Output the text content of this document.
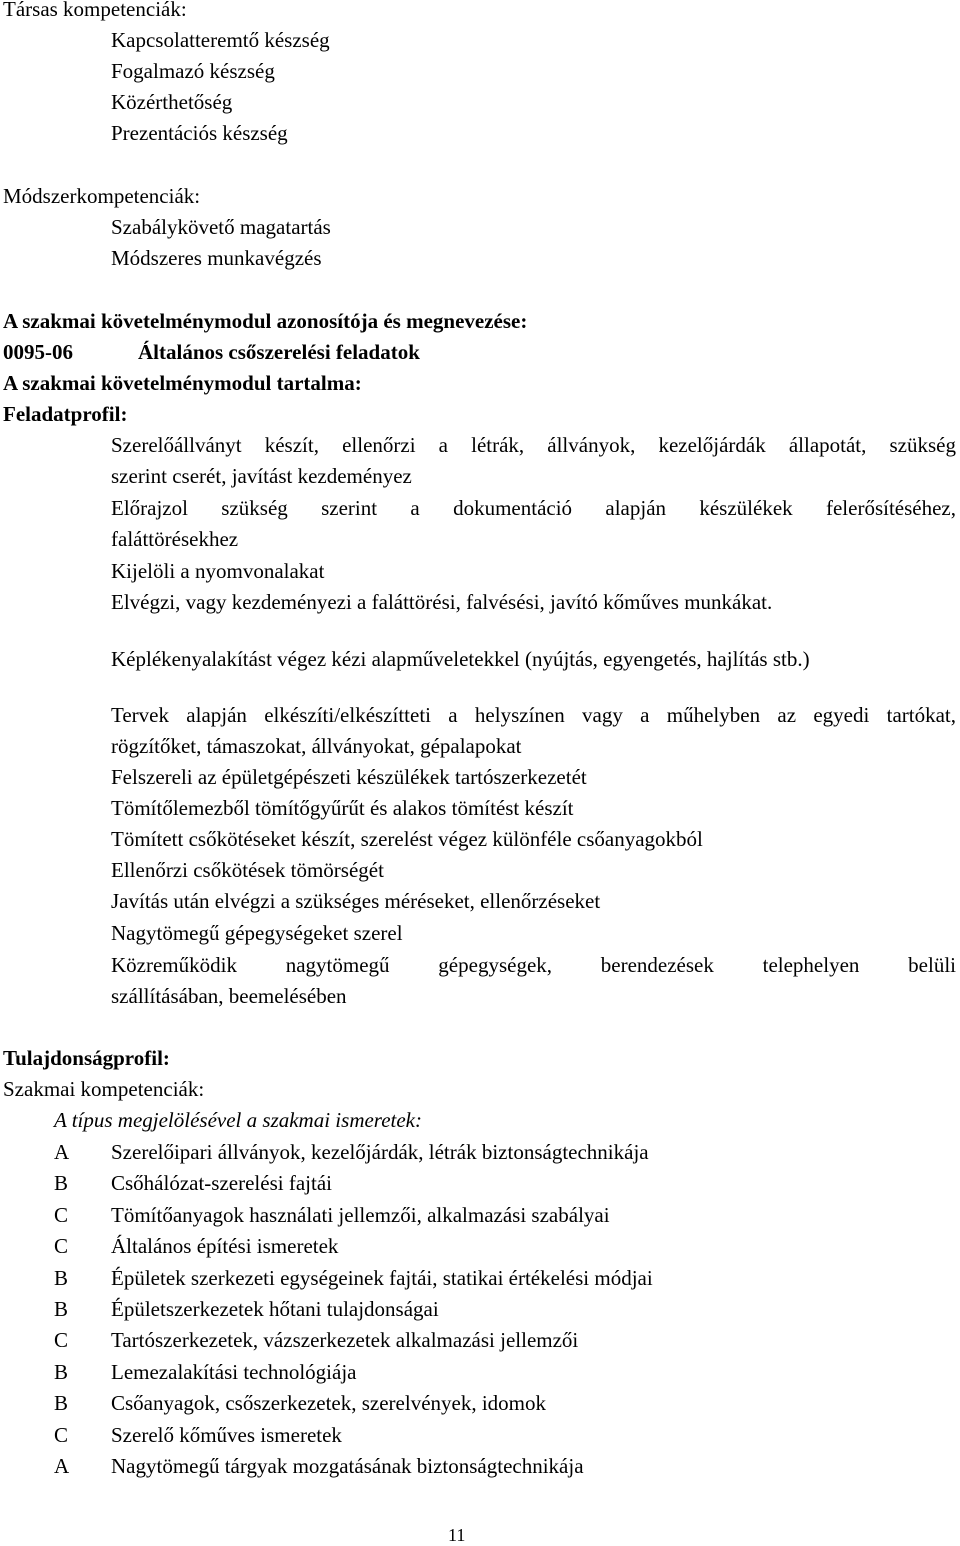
Társas kompetenciák:
Kapcsolatteremtő készség
Fogalmazó készség
Közérthetőség
Prezentációs készség
Módszerkompetenciák:
Szabálykövető magatartás
Módszeres munkavégzés
A szakmai követelménymodul azonosítója és megnevezése:
0095-06	Általános csőszerelési feladatok
A szakmai követelménymodul tartalma:
Feladatprofil:
Szerelőállványt készít, ellenőrzi a létrák, állványok, kezelőjárdák állapotát, szükség
szerint cserét, javítást kezdeményez
Előrajzol szükség szerint a dokumentáció alapján készülékek felerősítéséhez,
faláttörésekhez
Kijelöli a nyomvonalakat
Elvégzi, vagy kezdeményezi a faláttörési, falvésési, javító kőműves munkákat.
Képlékenyalakítást végez kézi alapműveletekkel (nyújtás, egyengetés, hajlítás stb.)
Tervek alapján elkészíti/elkészítteti a helyszínen vagy a műhelyben az egyedi tartókat,
rögzítőket, támaszokat, állványokat, gépalapokat
Felszereli az épületgépészeti készülékek tartószerkezetét
Tömítőlemezből tömítőgyűrűt és alakos tömítést készít
Tömített csőkötéseket készít, szerelést végez különféle csőanyagokból
Ellenőrzi csőkötések tömörségét
Javítás után elvégzi a szükséges méréseket, ellenőrzéseket
Nagytömegű gépegységeket szerel
Közreműködik nagytömegű gépegységek, berendezések telephelyen belüli
szállításában, beemelésében
Tulajdonságprofil:
Szakmai kompetenciák:
A típus megjelölésével a szakmai ismeretek:
A	Szerelőipari állványok, kezelőjárdák, létrák biztonságtechnikája
B	Csőhálózat-szerelési fajtái
C	Tömítőanyagok használati jellemzői, alkalmazási szabályai
C	Általános építési ismeretek
B	Épületek szerkezeti egységeinek fajtái, statikai értékelési módjai
B	Épületszerkezetek hőtani tulajdonságai
C	Tartószerkezetek, vázszerkezetek alkalmazási jellemzői
B	Lemezalakítási technológiája
B	Csőanyagok, csőszerkezetek, szerelvények, idomok
C	Szerelő kőműves ismeretek
A	Nagytömegű tárgyak mozgatásának biztonságtechnikája
11
